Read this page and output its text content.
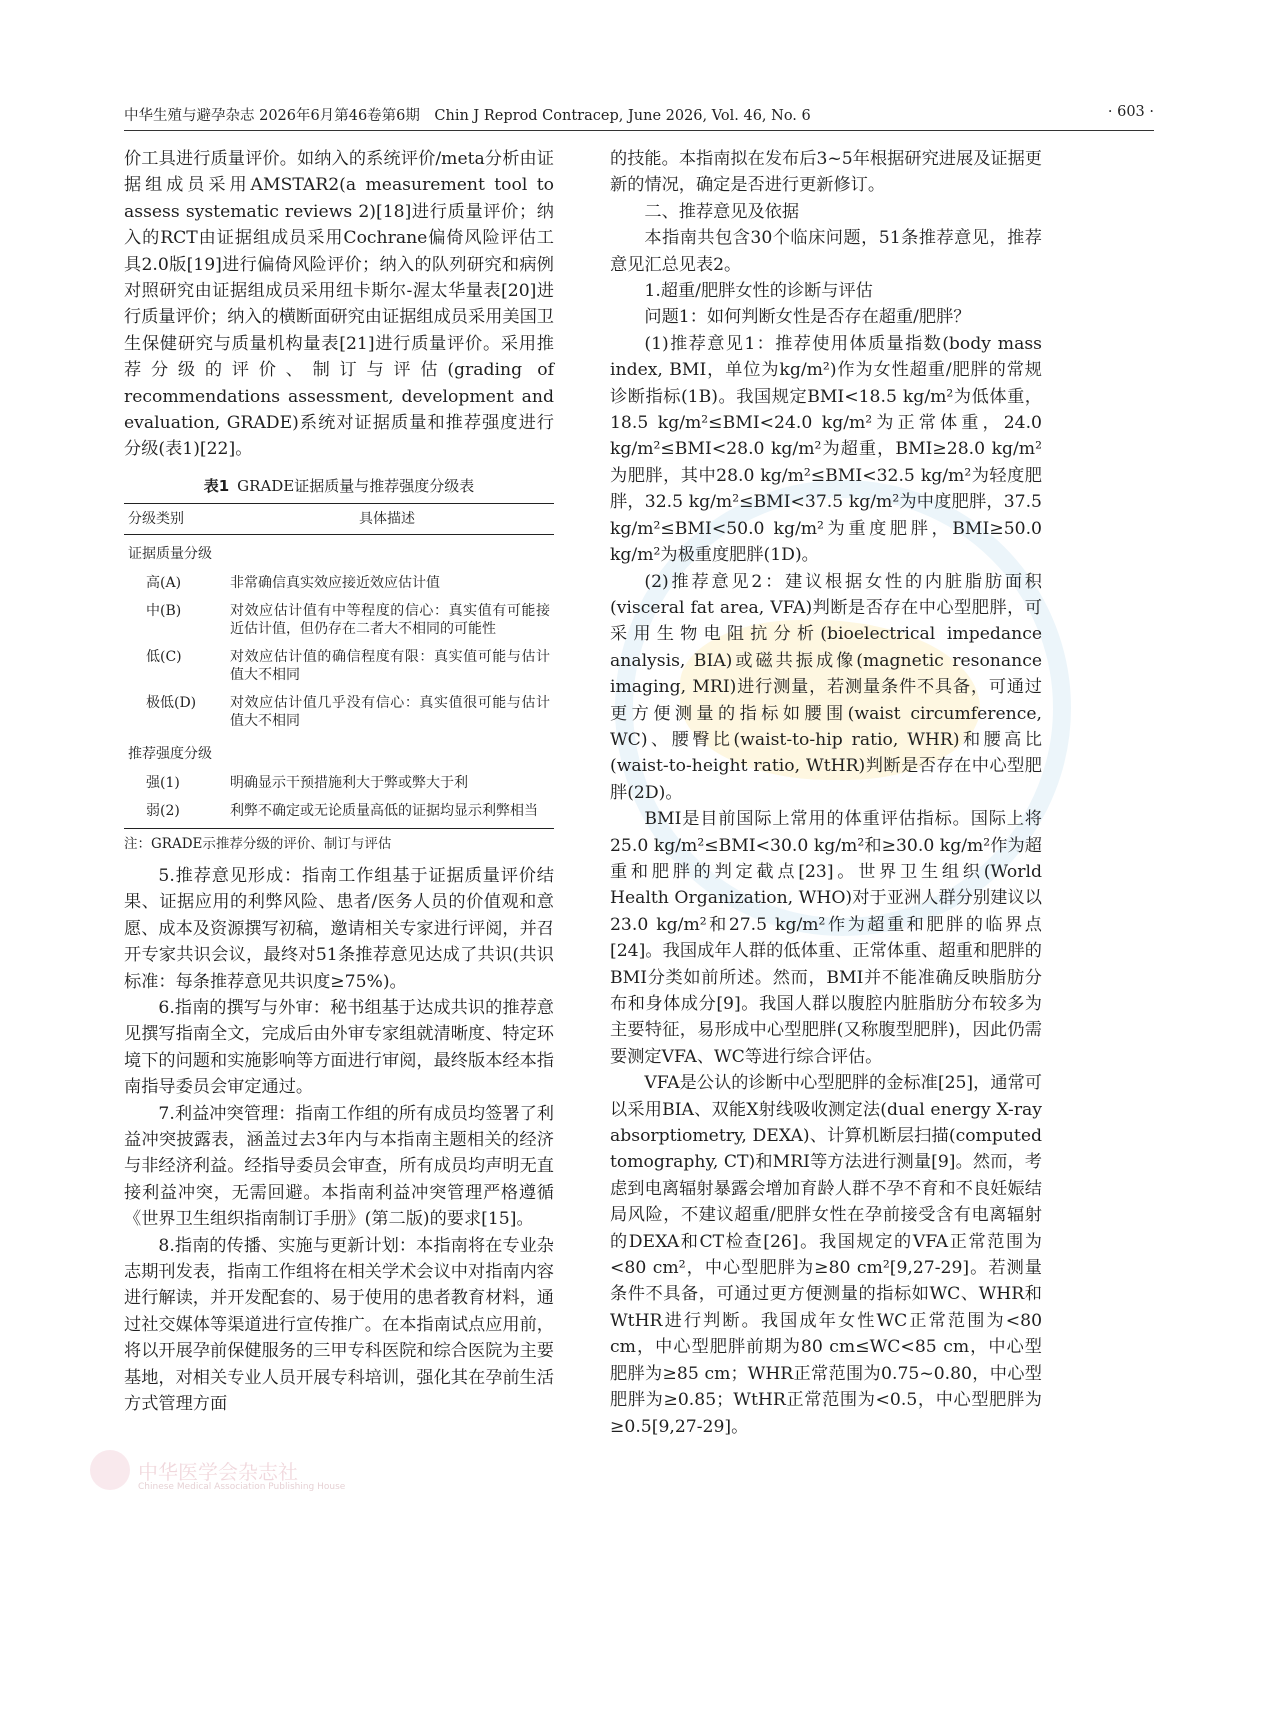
中华生殖与避孕杂志 2026年6月第46卷第6期　Chin J Reprod Contracep, June 2026, Vol. 46, No. 6	· 603 ·

价工具进行质量评价。如纳入的系统评价/meta分析由证据组成员采用AMSTAR2(a measurement tool to assess systematic reviews 2)[18]进行质量评价；纳入的RCT由证据组成员采用Cochrane偏倚风险评估工具2.0版[19]进行偏倚风险评价；纳入的队列研究和病例对照研究由证据组成员采用纽卡斯尔-渥太华量表[20]进行质量评价；纳入的横断面研究由证据组成员采用美国卫生保健研究与质量机构量表[21]进行质量评价。采用推荐分级的评价、制订与评估(grading of recommendations assessment, development and evaluation, GRADE)系统对证据质量和推荐强度进行分级(表1)[22]。

表1 GRADE证据质量与推荐强度分级表
分级类别	具体描述
证据质量分级	
高(A)	非常确信真实效应接近效应估计值
中(B)	对效应估计值有中等程度的信心：真实值有可能接近估计值，但仍存在二者大不相同的可能性
低(C)	对效应估计值的确信程度有限：真实值可能与估计值大不相同
极低(D)	对效应估计值几乎没有信心：真实值很可能与估计值大不相同
推荐强度分级	
强(1)	明确显示干预措施利大于弊或弊大于利
弱(2)	利弊不确定或无论质量高低的证据均显示利弊相当
注：GRADE示推荐分级的评价、制订与评估

5.推荐意见形成：指南工作组基于证据质量评价结果、证据应用的利弊风险、患者/医务人员的价值观和意愿、成本及资源撰写初稿，邀请相关专家进行评阅，并召开专家共识会议，最终对51条推荐意见达成了共识(共识标准：每条推荐意见共识度≥75%)。

6.指南的撰写与外审：秘书组基于达成共识的推荐意见撰写指南全文，完成后由外审专家组就清晰度、特定环境下的问题和实施影响等方面进行审阅，最终版本经本指南指导委员会审定通过。

7.利益冲突管理：指南工作组的所有成员均签署了利益冲突披露表，涵盖过去3年内与本指南主题相关的经济与非经济利益。经指导委员会审查，所有成员均声明无直接利益冲突，无需回避。本指南利益冲突管理严格遵循《世界卫生组织指南制订手册》(第二版)的要求[15]。

8.指南的传播、实施与更新计划：本指南将在专业杂志期刊发表，指南工作组将在相关学术会议中对指南内容进行解读，并开发配套的、易于使用的患者教育材料，通过社交媒体等渠道进行宣传推广。在本指南试点应用前，将以开展孕前保健服务的三甲专科医院和综合医院为主要基地，对相关专业人员开展专科培训，强化其在孕前生活方式管理方面

的技能。本指南拟在发布后3~5年根据研究进展及证据更新的情况，确定是否进行更新修订。

二、推荐意见及依据

本指南共包含30个临床问题，51条推荐意见，推荐意见汇总见表2。

1.超重/肥胖女性的诊断与评估

问题1：如何判断女性是否存在超重/肥胖？

(1)推荐意见1：推荐使用体质量指数(body mass index, BMI，单位为kg/m²)作为女性超重/肥胖的常规诊断指标(1B)。我国规定BMI<18.5 kg/m²为低体重，18.5 kg/m²≤BMI<24.0 kg/m²为正常体重，24.0 kg/m²≤BMI<28.0 kg/m²为超重，BMI≥28.0 kg/m²为肥胖，其中28.0 kg/m²≤BMI<32.5 kg/m²为轻度肥胖，32.5 kg/m²≤BMI<37.5 kg/m²为中度肥胖，37.5 kg/m²≤BMI<50.0 kg/m²为重度肥胖，BMI≥50.0 kg/m²为极重度肥胖(1D)。

(2)推荐意见2：建议根据女性的内脏脂肪面积(visceral fat area, VFA)判断是否存在中心型肥胖，可采用生物电阻抗分析(bioelectrical impedance analysis, BIA)或磁共振成像(magnetic resonance imaging, MRI)进行测量，若测量条件不具备，可通过更方便测量的指标如腰围(waist circumference, WC)、腰臀比(waist-to-hip ratio, WHR)和腰高比(waist-to-height ratio, WtHR)判断是否存在中心型肥胖(2D)。

BMI是目前国际上常用的体重评估指标。国际上将25.0 kg/m²≤BMI<30.0 kg/m²和≥30.0 kg/m²作为超重和肥胖的判定截点[23]。世界卫生组织(World Health Organization, WHO)对于亚洲人群分别建议以23.0 kg/m²和27.5 kg/m²作为超重和肥胖的临界点[24]。我国成年人群的低体重、正常体重、超重和肥胖的BMI分类如前所述。然而，BMI并不能准确反映脂肪分布和身体成分[9]。我国人群以腹腔内脏脂肪分布较多为主要特征，易形成中心型肥胖(又称腹型肥胖)，因此仍需要测定VFA、WC等进行综合评估。

VFA是公认的诊断中心型肥胖的金标准[25]，通常可以采用BIA、双能X射线吸收测定法(dual energy X-ray absorptiometry, DEXA)、计算机断层扫描(computed tomography, CT)和MRI等方法进行测量[9]。然而，考虑到电离辐射暴露会增加育龄人群不孕不育和不良妊娠结局风险，不建议超重/肥胖女性在孕前接受含有电离辐射的DEXA和CT检查[26]。我国规定的VFA正常范围为<80 cm²，中心型肥胖为≥80 cm²[9,27-29]。若测量条件不具备，可通过更方便测量的指标如WC、WHR和WtHR进行判断。我国成年女性WC正常范围为<80 cm，中心型肥胖前期为80 cm≤WC<85 cm，中心型肥胖为≥85 cm；WHR正常范围为0.75~0.80，中心型肥胖为≥0.85；WtHR正常范围为<0.5，中心型肥胖为≥0.5[9,27-29]。

中华医学会杂志社
Chinese Medical Association Publishing House
